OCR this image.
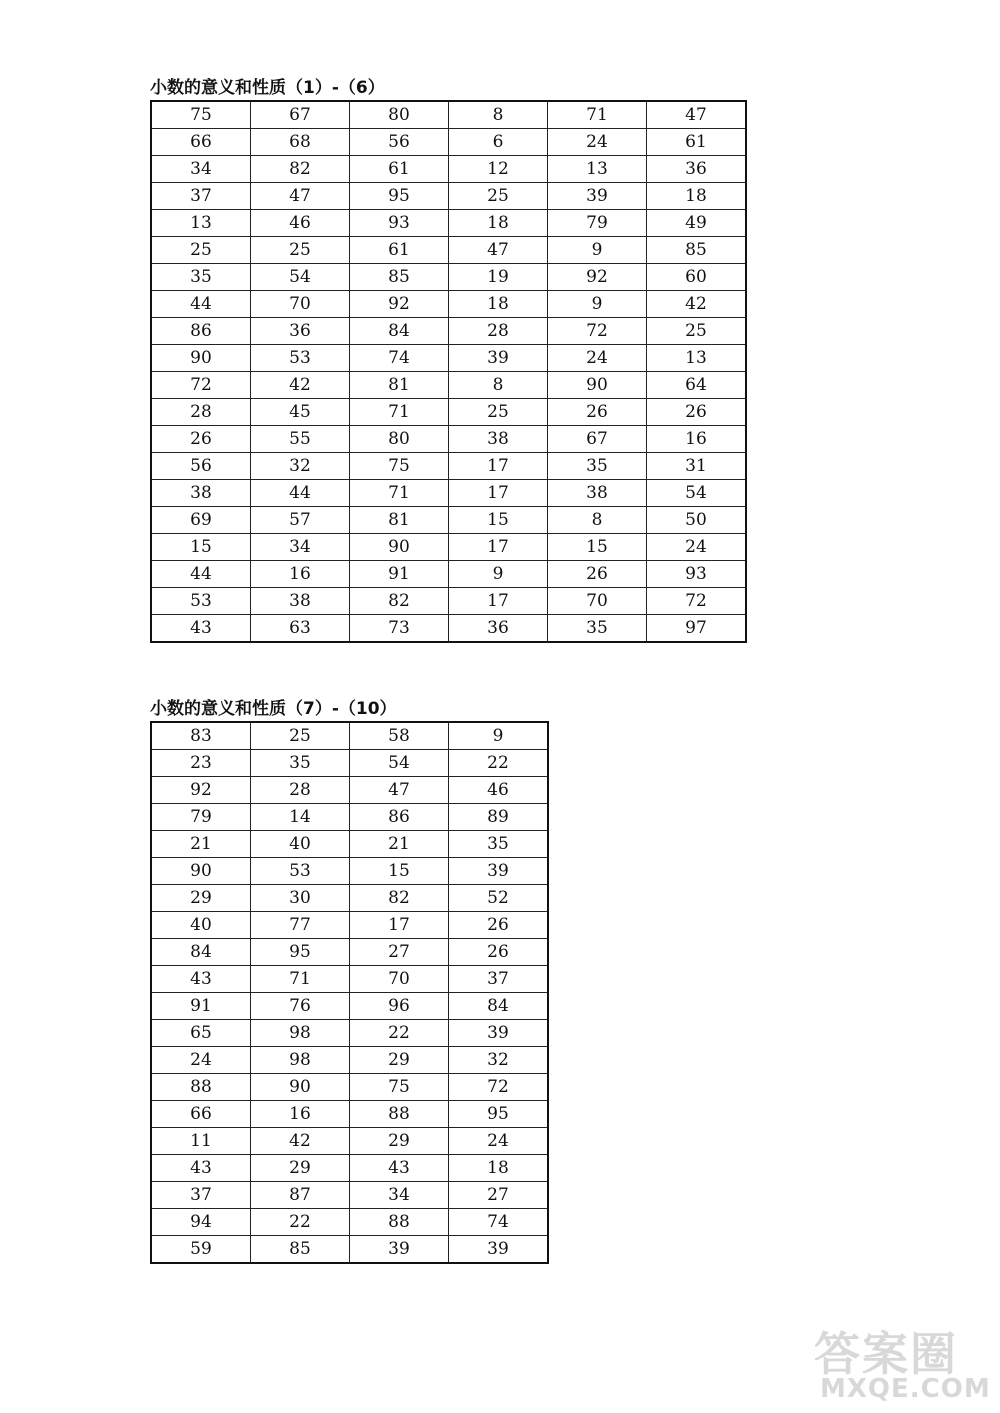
小数的意义和性质（1）-（6）
75	67	80	8	71	47
66	68	56	6	24	61
34	82	61	12	13	36
37	47	95	25	39	18
13	46	93	18	79	49
25	25	61	47	9	85
35	54	85	19	92	60
44	70	92	18	9	42
86	36	84	28	72	25
90	53	74	39	24	13
72	42	81	8	90	64
28	45	71	25	26	26
26	55	80	38	67	16
56	32	75	17	35	31
38	44	71	17	38	54
69	57	81	15	8	50
15	34	90	17	15	24
44	16	91	9	26	93
53	38	82	17	70	72
43	63	73	36	35	97
小数的意义和性质（7）-（10）
83	25	58	9
23	35	54	22
92	28	47	46
79	14	86	89
21	40	21	35
90	53	15	39
29	30	82	52
40	77	17	26
84	95	27	26
43	71	70	37
91	76	96	84
65	98	22	39
24	98	29	32
88	90	75	72
66	16	88	95
11	42	29	24
43	29	43	18
37	87	34	27
94	22	88	74
59	85	39	39
答案圈
MXQE.COM
